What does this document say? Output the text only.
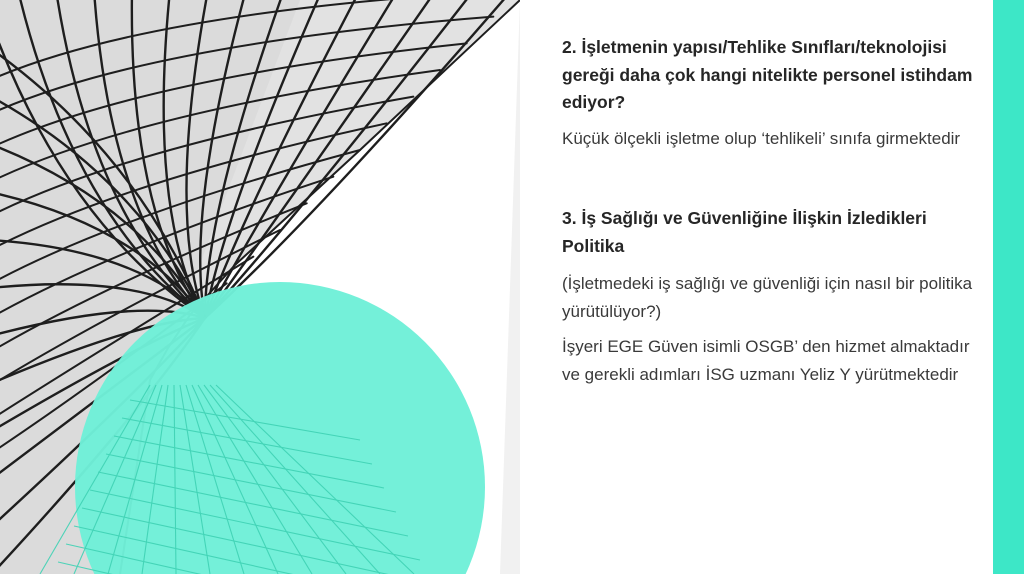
2. İşletmenin yapısı/Tehlike Sınıfları/teknolojisi gereği daha çok hangi nitelikte personel istihdam ediyor?

Küçük ölçekli işletme olup ‘tehlikeli’ sınıfa girmektedir

3. İş Sağlığı ve Güvenliğine İlişkin İzledikleri Politika

(İşletmedeki iş sağlığı ve güvenliği için nasıl bir politika yürütülüyor?)

İşyeri EGE Güven isimli OSGB’ den hizmet almaktadır ve gerekli adımları İSG uzmanı Yeliz Y yürütmektedir
